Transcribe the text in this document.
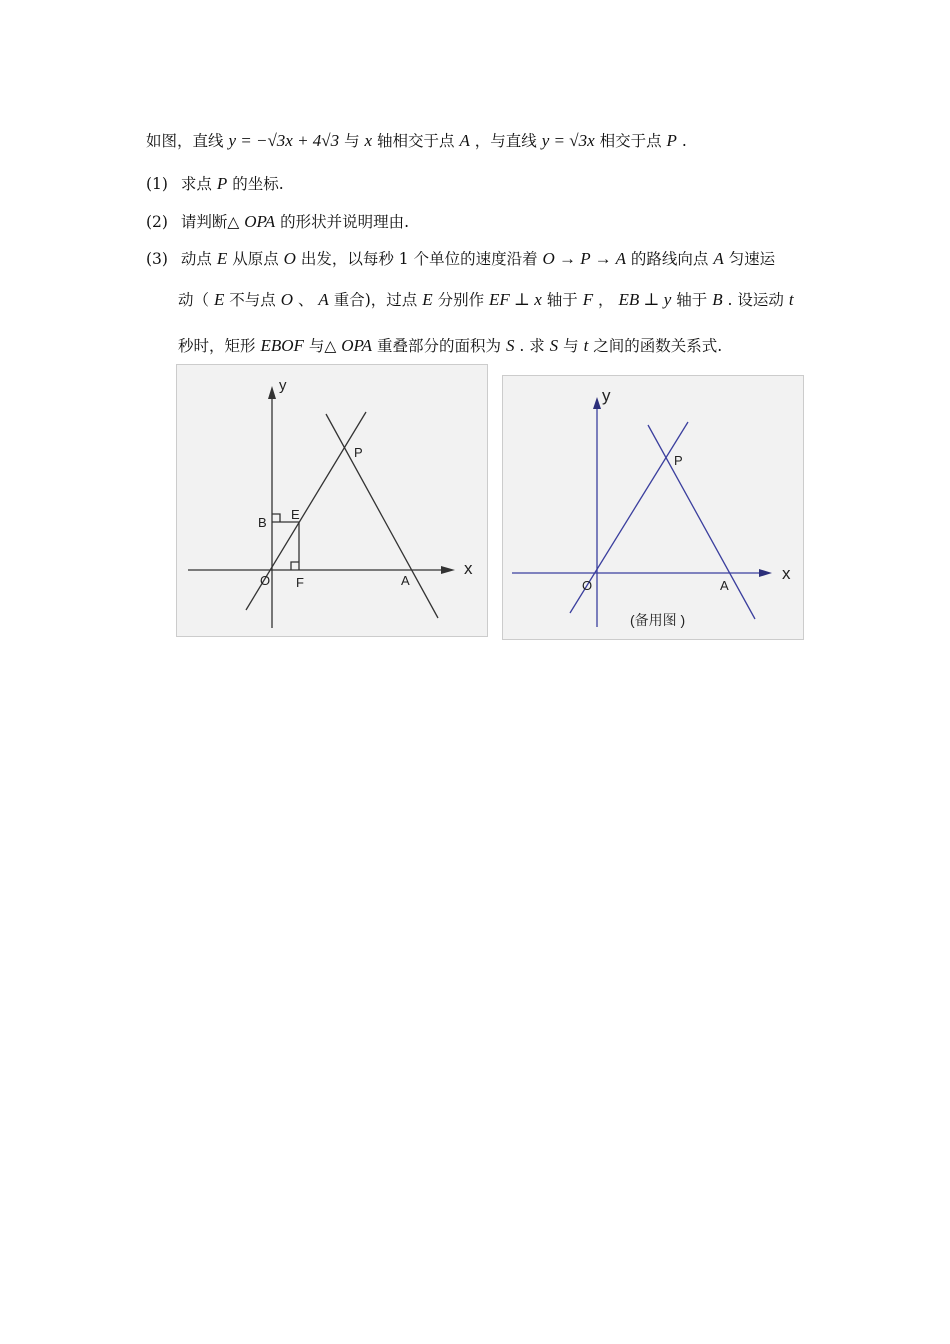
如图，直线 y = −√3x + 4√3 与 x 轴相交于点 A ，与直线 y = √3x 相交于点 P .
(1) 求点 P 的坐标.
(2) 请判断△ OPA 的形状并说明理由.
(3) 动点 E 从原点 O 出发，以每秒 1 个单位的速度沿着 O → P → A 的路线向点 A 匀速运
动（ E 不与点 O 、 A 重合)，过点 E 分别作 EF ⊥ x 轴于 F ， EB ⊥ y 轴于 B . 设运动 t
秒时，矩形 EBOF 与△ OPA 重叠部分的面积为 S . 求 S 与 t 之间的函数关系式.
y
x
P
B
E
O F	A
y
x
P
O	A
(备用图 )
